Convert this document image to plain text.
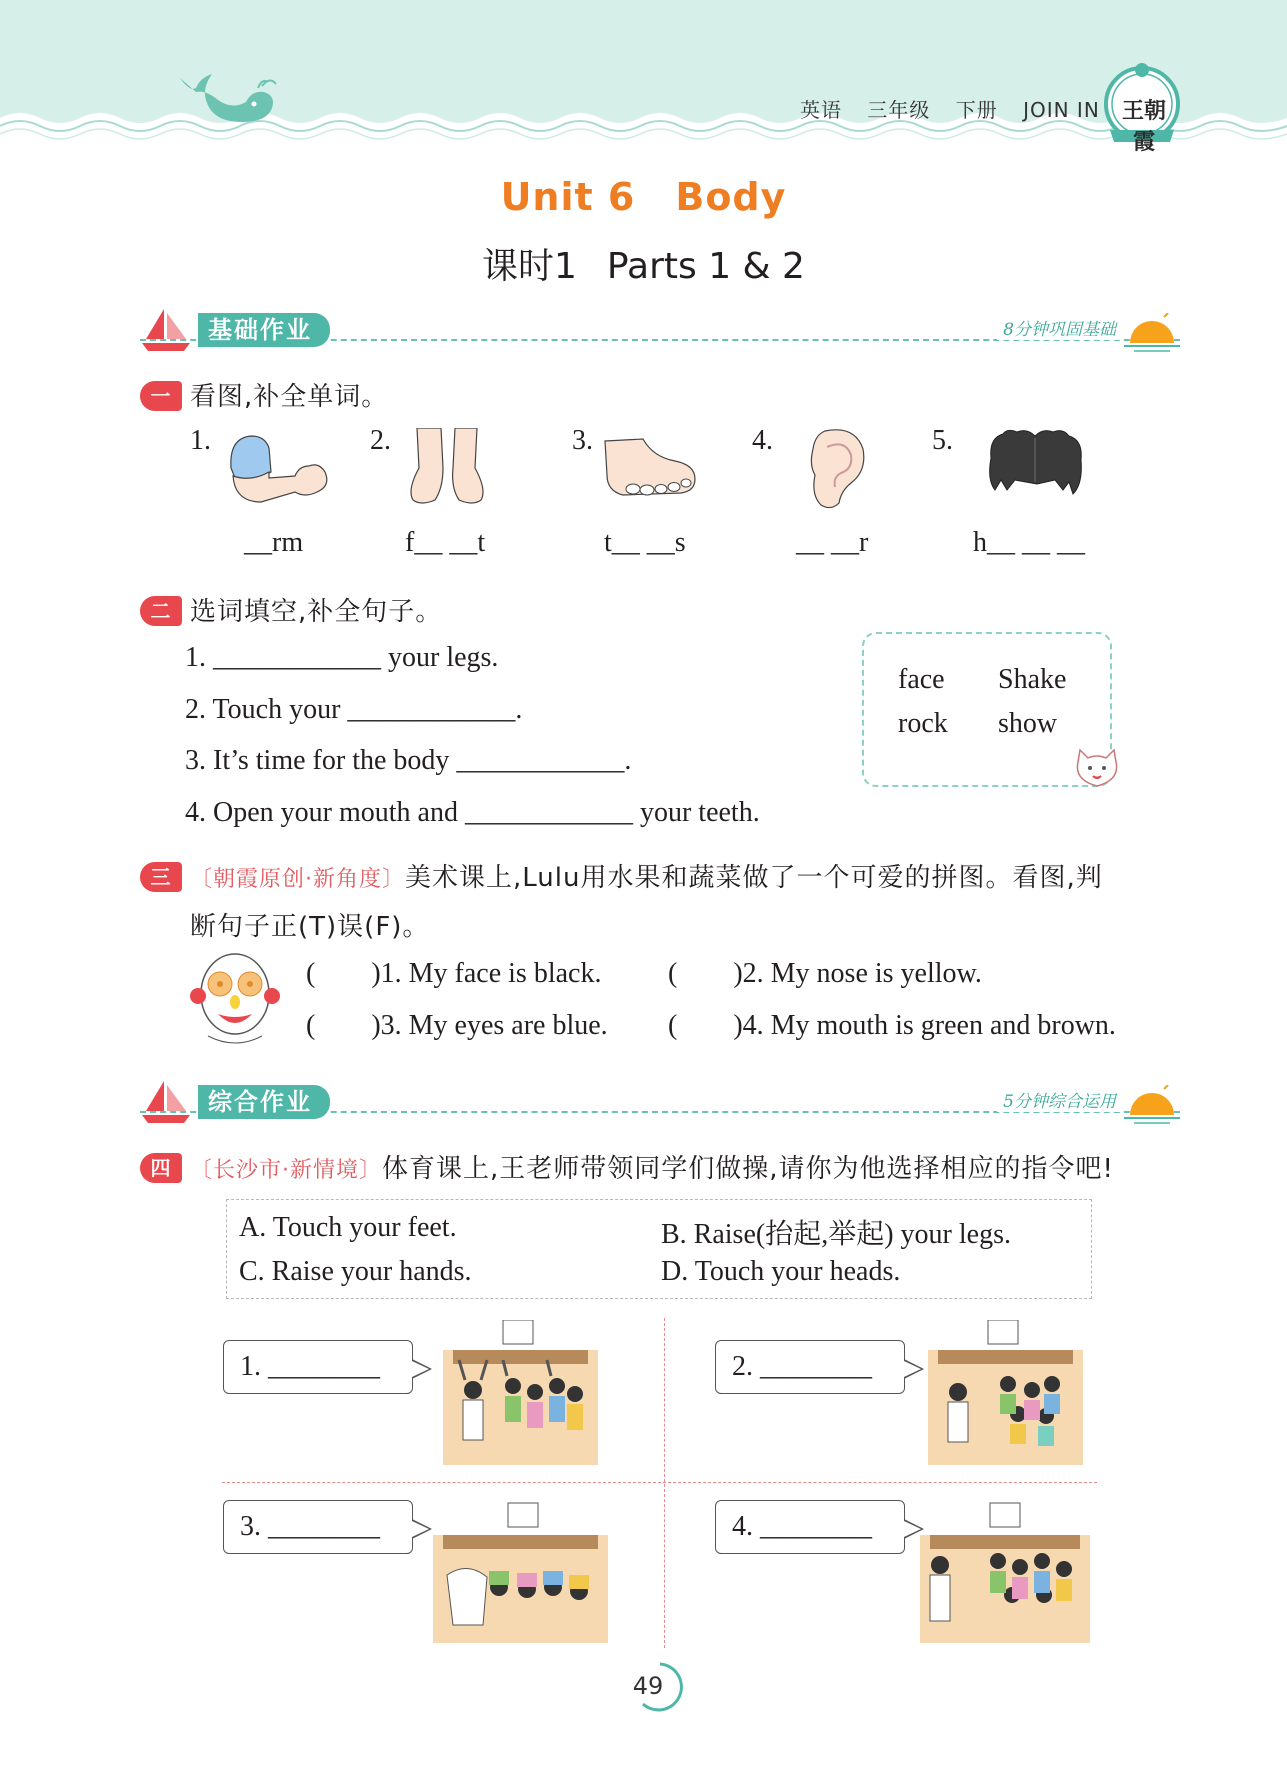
英语 三年级 下册 JOIN IN	王朝霞
Unit 6 Body
课时1 Parts 1 & 2
基础作业	8分钟巩固基础
一 看图,补全单词。
1.	2.	3.	4.	5.
__rm	f__ __t	t__ __s	__ __r	h__ __ __
二 选词填空,补全句子。
1. ____________ your legs.
2. Touch your ____________.
3. It’s time for the body ____________.
4. Open your mouth and ____________ your teeth.
face Shake
rock show
三 〔朝霞原创·新角度〕美术课上,Lulu用水果和蔬菜做了一个可爱的拼图。看图,判
断句子正(T)误(F)。
(        )1. My face is black. (        )2. My nose is yellow.
(        )3. My eyes are blue. (        )4. My mouth is green and brown.
综合作业	5分钟综合运用
四 〔长沙市·新情境〕体育课上,王老师带领同学们做操,请你为他选择相应的指令吧!
A. Touch your feet.	B. Raise(抬起,举起) your legs.
C. Raise your hands.	D. Touch your heads.
1. ________	2. ________
3. ________	4. ________
49
